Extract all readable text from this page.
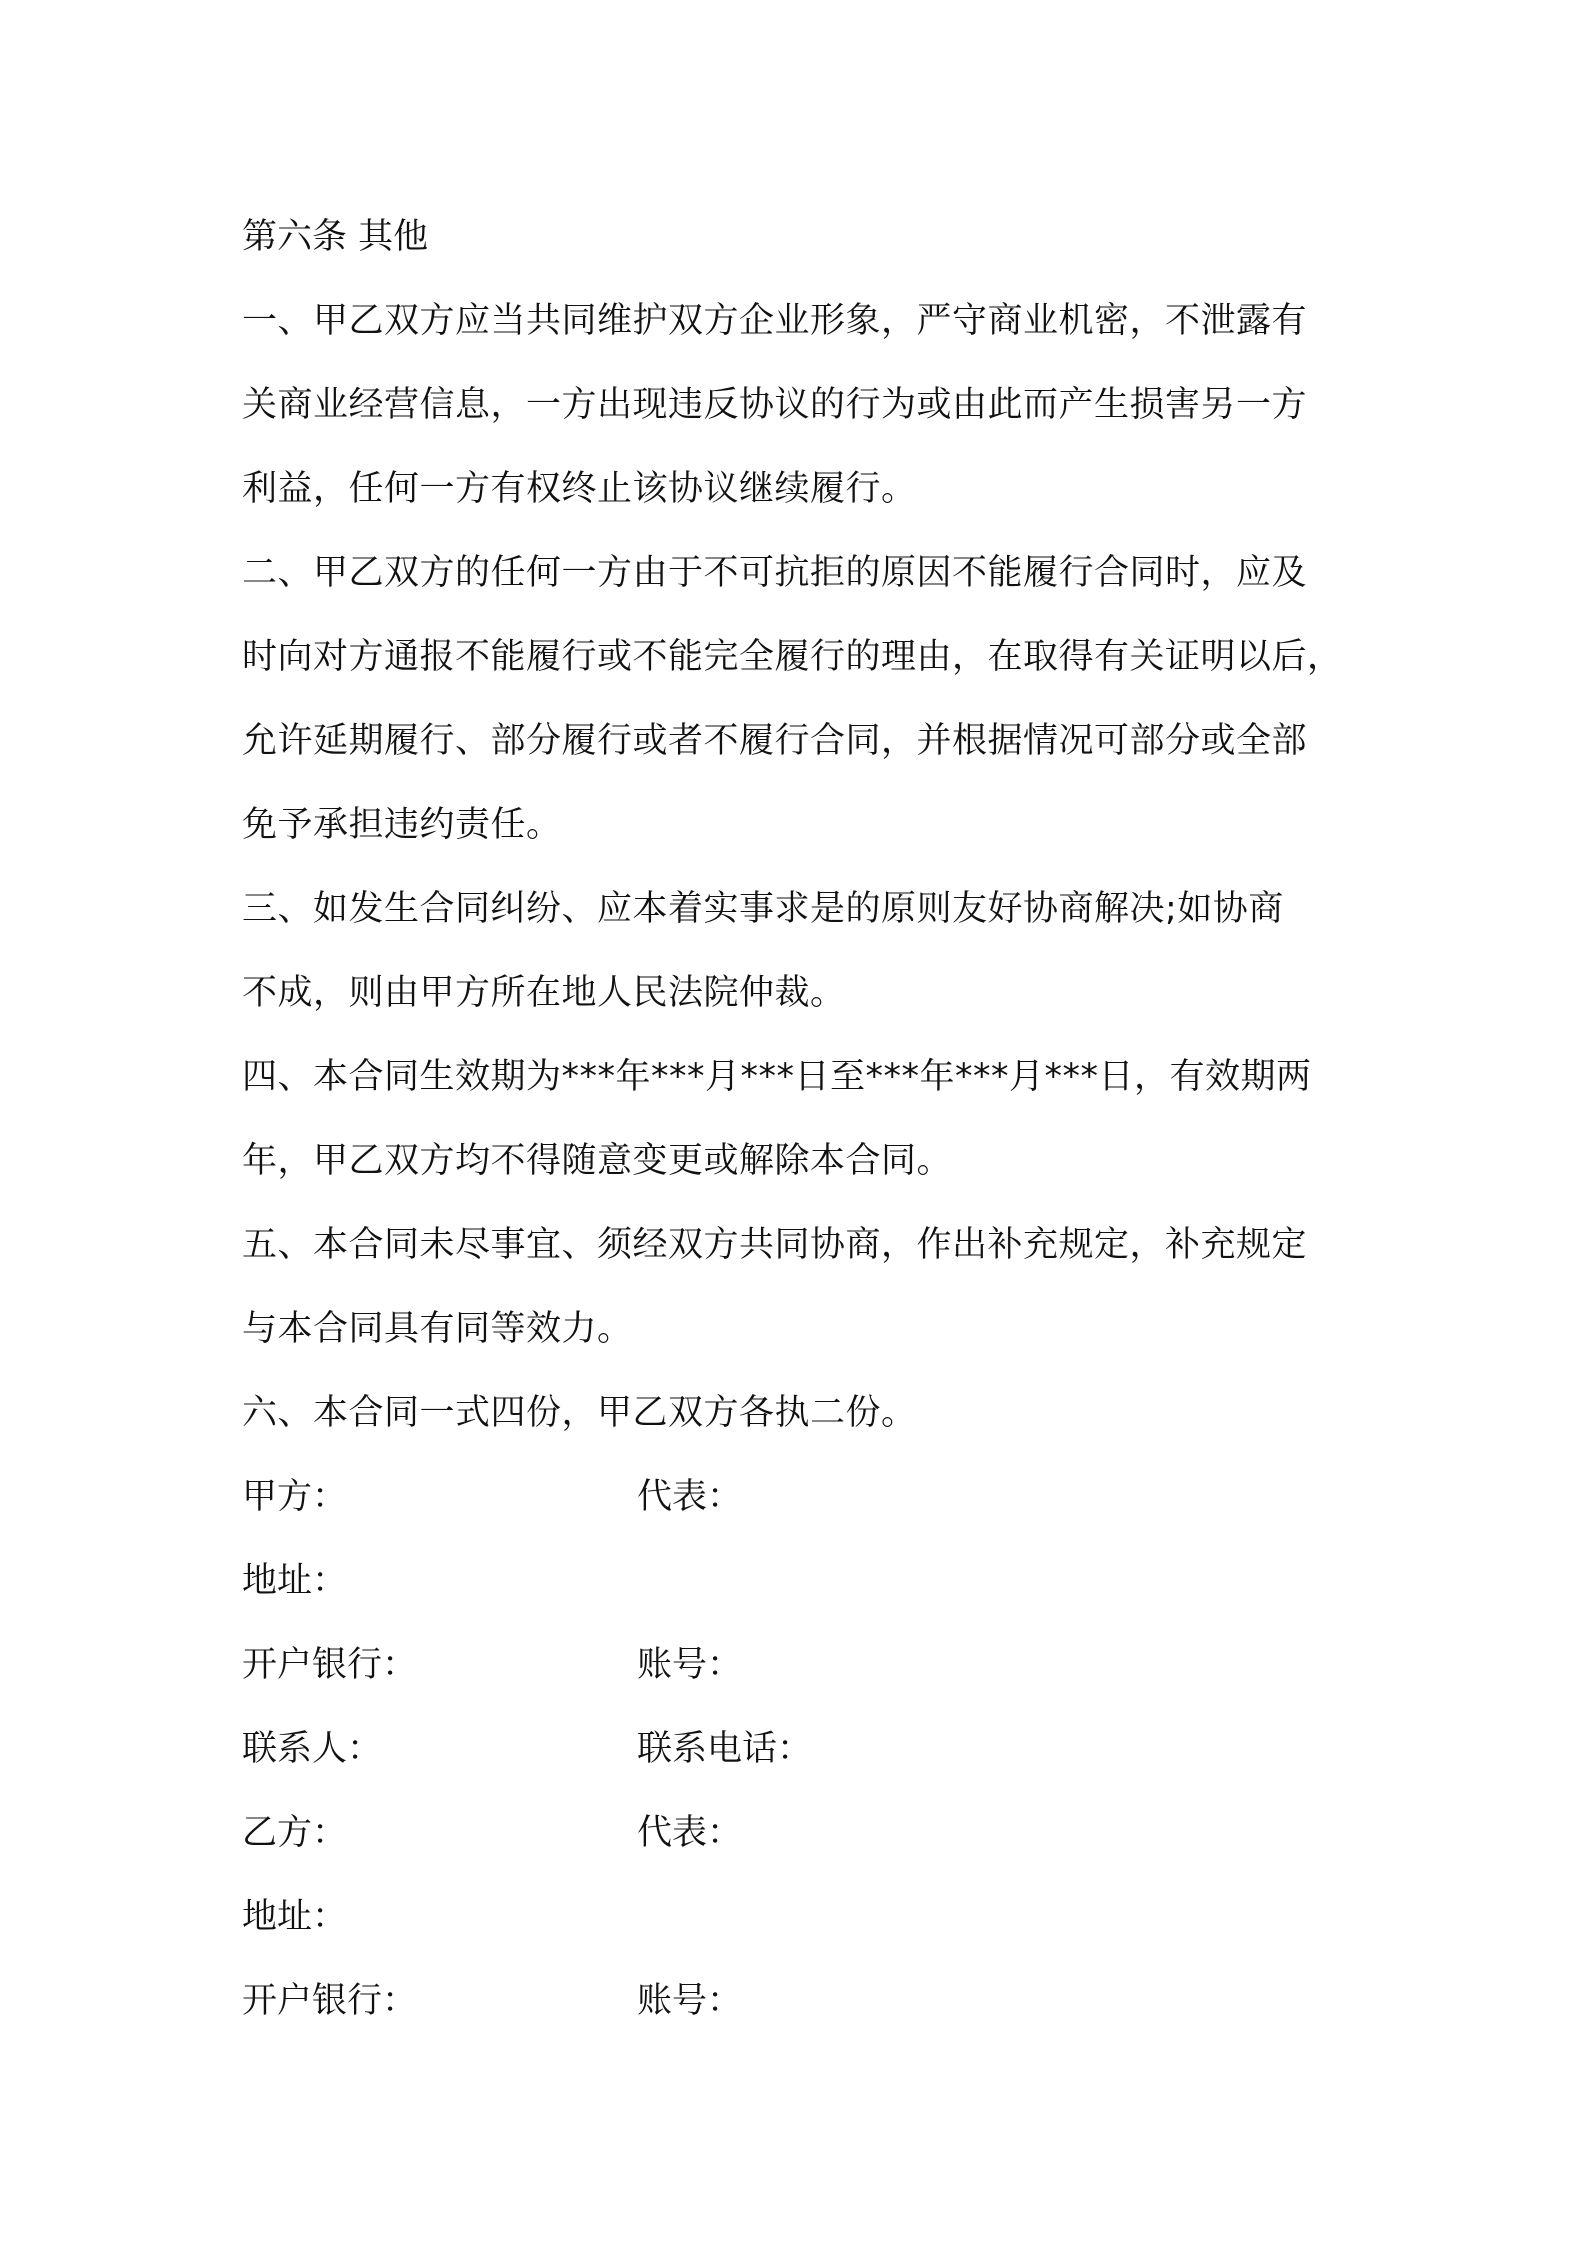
第六条 其他
一、甲乙双方应当共同维护双方企业形象，严守商业机密，不泄露有
关商业经营信息，一方出现违反协议的行为或由此而产生损害另一方
利益，任何一方有权终止该协议继续履行。
二、甲乙双方的任何一方由于不可抗拒的原因不能履行合同时，应及
时向对方通报不能履行或不能完全履行的理由，在取得有关证明以后，
允许延期履行、部分履行或者不履行合同，并根据情况可部分或全部
免予承担违约责任。
三、如发生合同纠纷、应本着实事求是的原则友好协商解决;如协商
不成，则由甲方所在地人民法院仲裁。
四、本合同生效期为***年***月***日至***年***月***日，有效期两
年，甲乙双方均不得随意变更或解除本合同。
五、本合同未尽事宜、须经双方共同协商，作出补充规定，补充规定
与本合同具有同等效力。
六、本合同一式四份，甲乙双方各执二份。
甲方：	代表：
地址：
开户银行：	账号：
联系人：	联系电话：
乙方：	代表：
地址：
开户银行：	账号：
